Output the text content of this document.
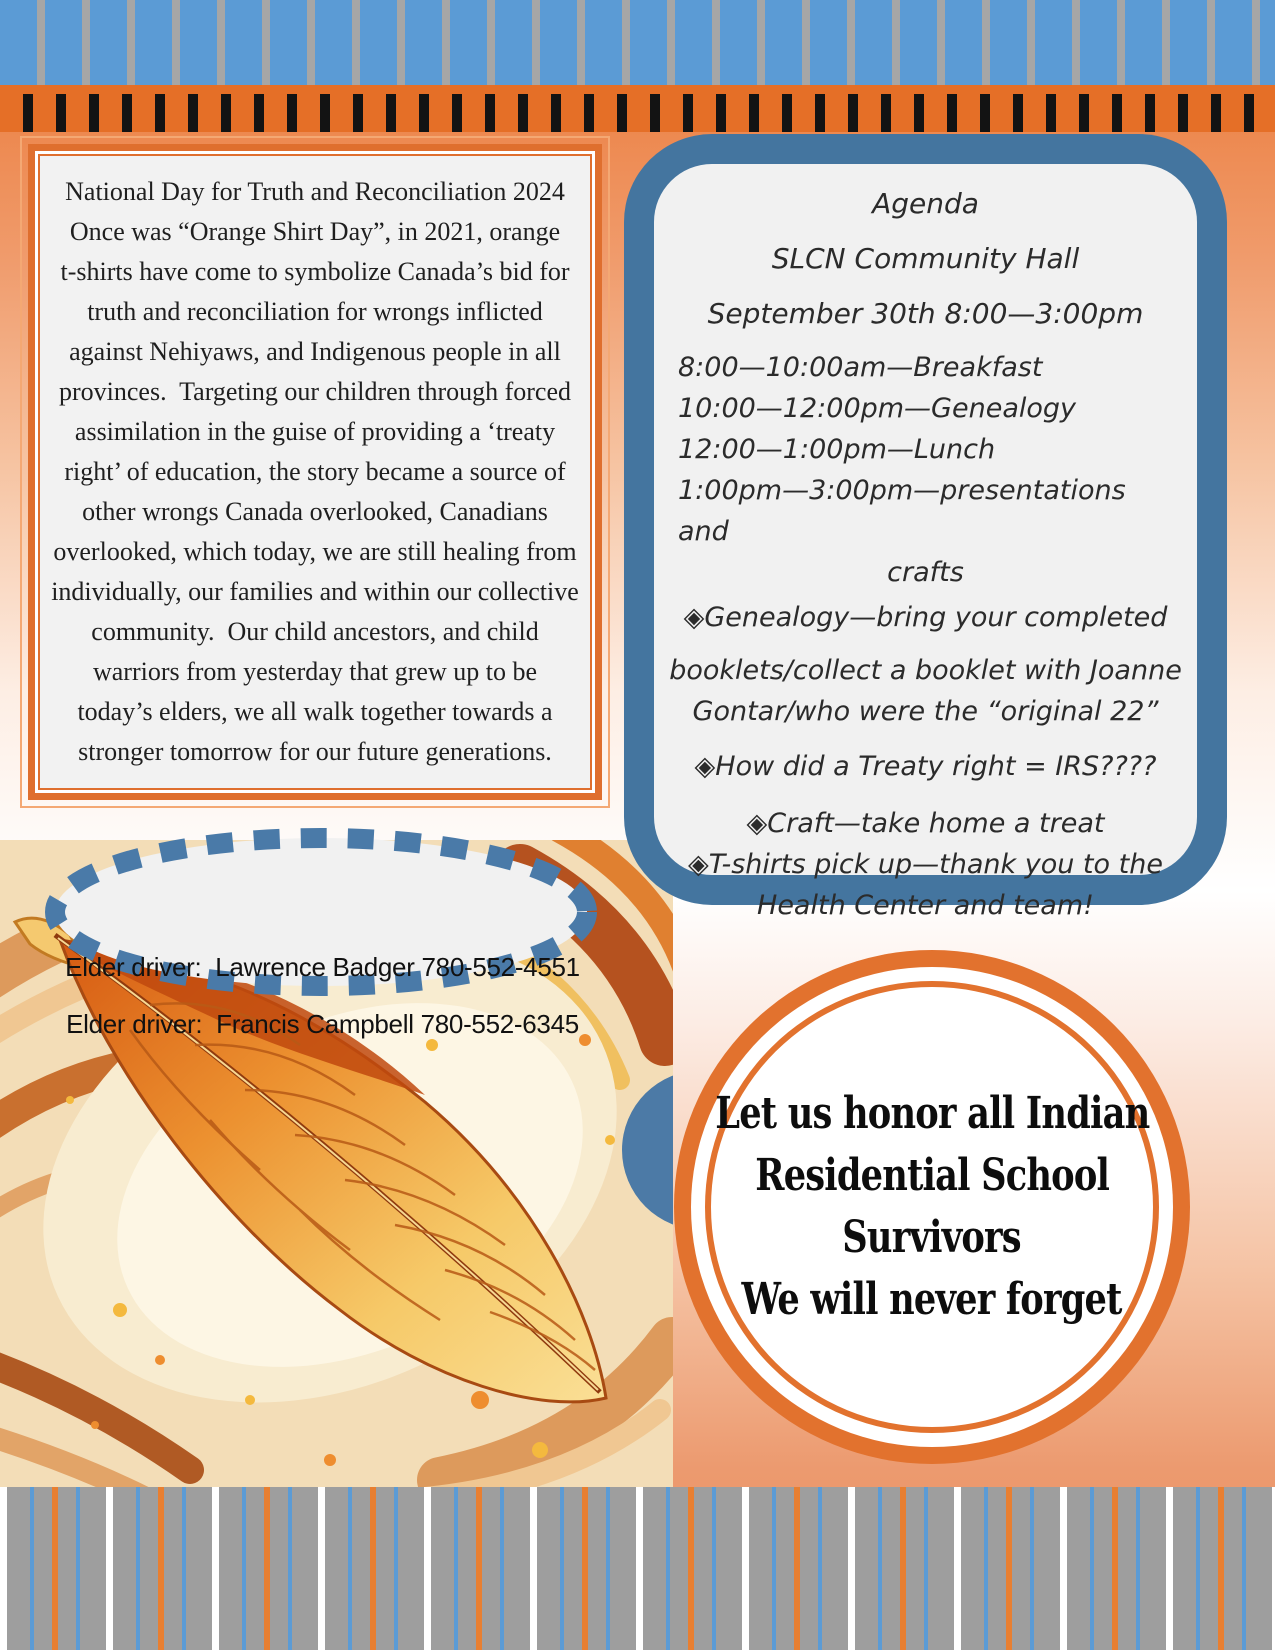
National Day for Truth and Reconciliation 2024
Once was “Orange Shirt Day”, in 2021, orange
t-shirts have come to symbolize Canada’s bid for
truth and reconciliation for wrongs inflicted
against Nehiyaws, and Indigenous people in all
provinces.  Targeting our children through forced
assimilation in the guise of providing a ‘treaty
right’ of education, the story became a source of
other wrongs Canada overlooked, Canadians
overlooked, which today, we are still healing from
individually, our families and within our collective
community.  Our child ancestors, and child
warriors from yesterday that grew up to be
today’s elders, we all walk together towards a
stronger tomorrow for our future generations.
Agenda
SLCN Community Hall
September 30th 8:00—3:00pm
8:00—10:00am—Breakfast
10:00—12:00pm—Genealogy
12:00—1:00pm—Lunch
1:00pm—3:00pm—presentations and
crafts
◈Genealogy—bring your completed
booklets/collect a booklet with Joanne
Gontar/who were the “original 22”
◈How did a Treaty right = IRS????
◈Craft—take home a treat
◈T-shirts pick up—thank you to the
Health Center and team!

Elder driver:  Lawrence Badger 780-552-4551
Elder driver:  Francis Campbell 780-552-6345
Let us honor all Indian
Residential School
Survivors
We will never forget
